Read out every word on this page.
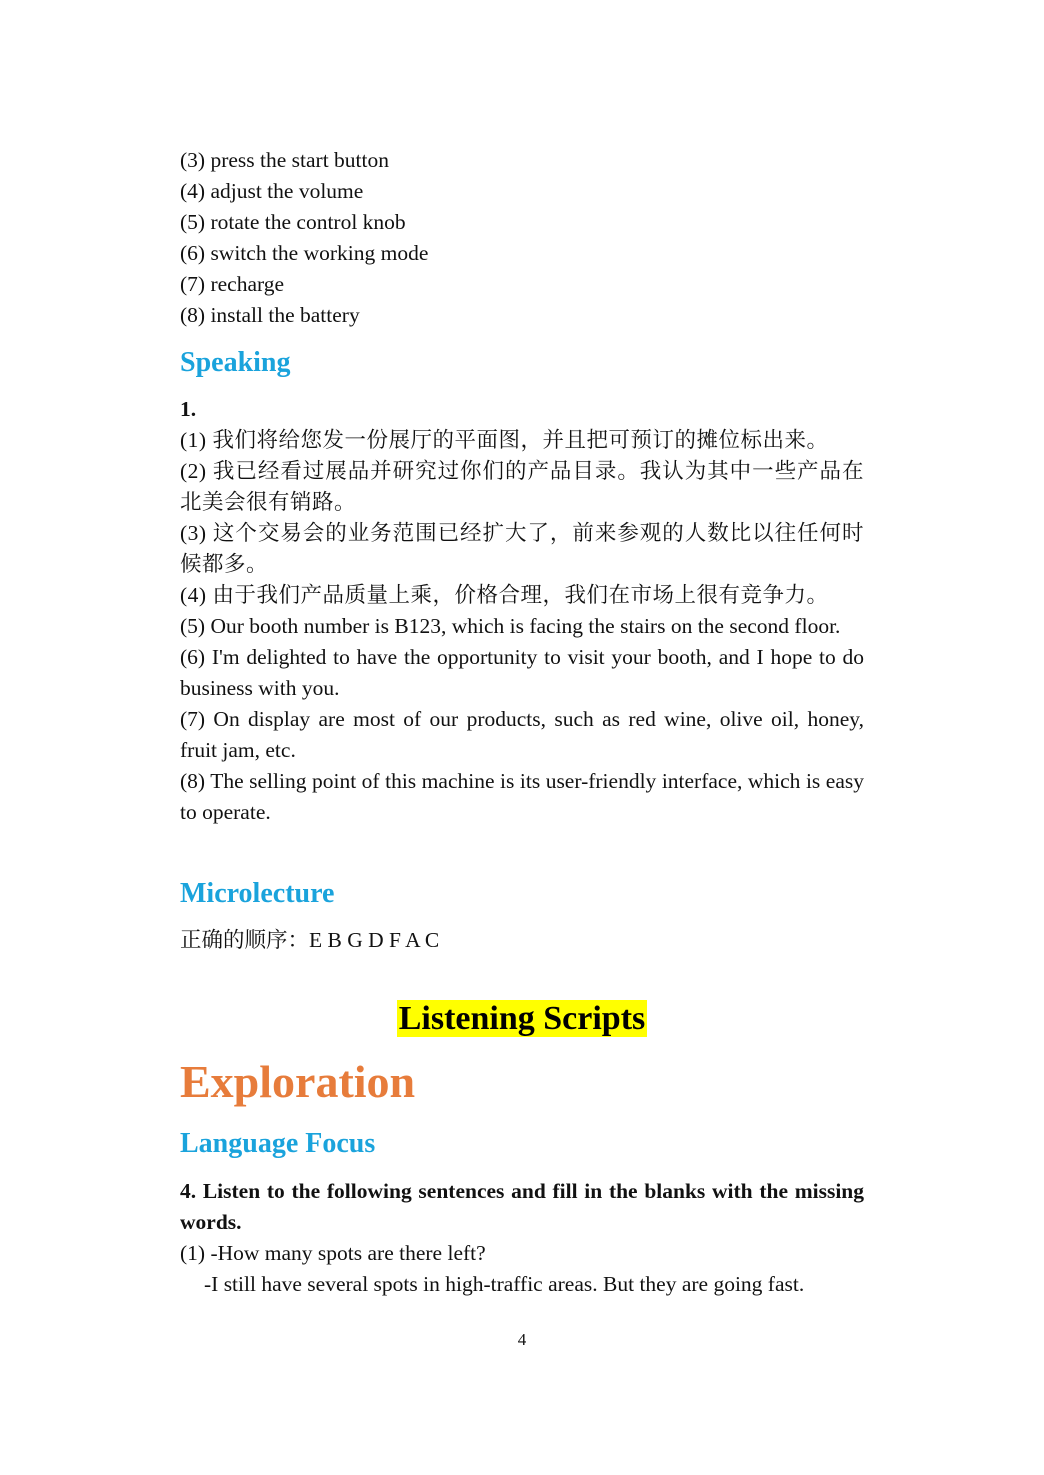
(3) press the start button

(4) adjust the volume

(5) rotate the control knob

(6) switch the working mode

(7) recharge

(8) install the battery

Speaking

1.

(1) 我们将给您发一份展厅的平面图，并且把可预订的摊位标出来。

(2) 我已经看过展品并研究过你们的产品目录。我认为其中一些产品在北美会很有销路。

(3) 这个交易会的业务范围已经扩大了，前来参观的人数比以往任何时候都多。

(4) 由于我们产品质量上乘，价格合理，我们在市场上很有竞争力。

(5) Our booth number is B123, which is facing the stairs on the second floor.

(6) I'm delighted to have the opportunity to visit your booth, and I hope to do business with you.

(7) On display are most of our products, such as red wine, olive oil, honey, fruit jam, etc.

(8) The selling point of this machine is its user-friendly interface, which is easy to operate.

Microlecture

正确的顺序：E B G D F A C

Listening Scripts
Exploration
Language Focus

4. Listen to the following sentences and fill in the blanks with the missing words.

(1) -How many spots are there left?

-I still have several spots in high-traffic areas. But they are going fast.

4
